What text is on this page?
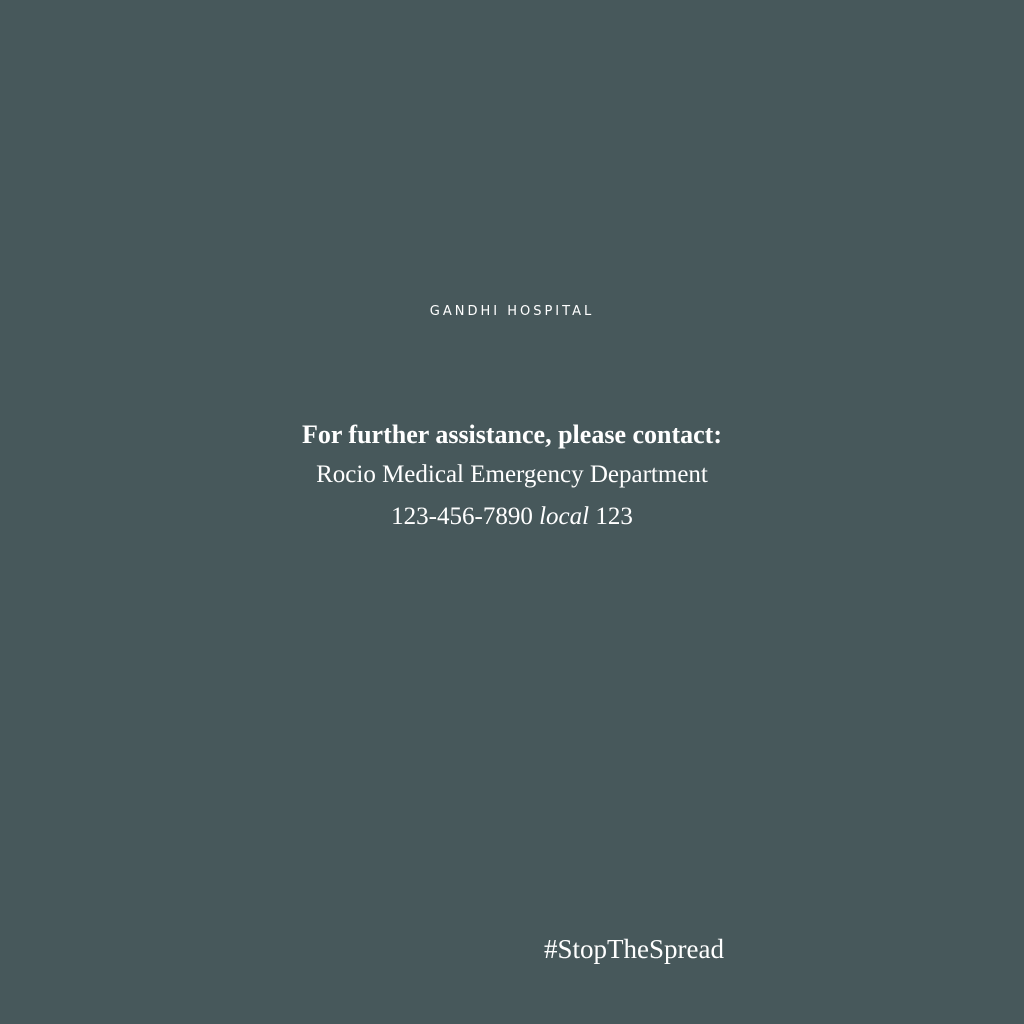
GANDHI HOSPITAL
For further assistance, please contact:
Rocio Medical Emergency Department
123-456-7890 local 123
#StopTheSpread
